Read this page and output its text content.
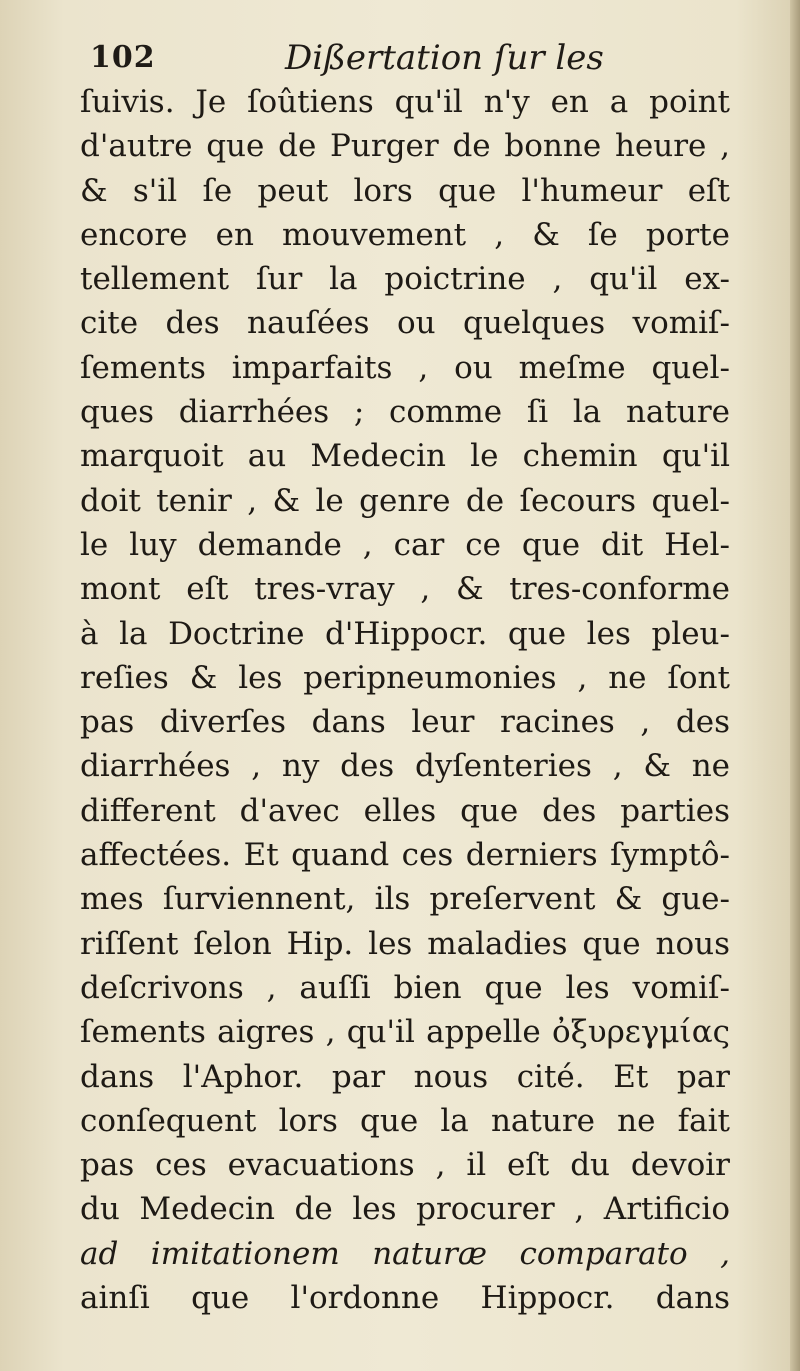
102	Dißertation ſur les
ſuivis. Je ſoûtiens qu'il n'y en a point
d'autre que de Purger de bonne heure ,
& s'il ſe peut lors que l'humeur eſt
encore en mouvement , & ſe porte
tellement ſur la poictrine , qu'il ex-
cite des nauſées ou quelques vomiſ-
ſements imparfaits , ou meſme quel-
ques diarrhées ; comme ſi la nature
marquoit au Medecin le chemin qu'il
doit tenir , & le genre de ſecours quel-
le luy demande , car ce que dit Hel-
mont eſt tres-vray , & tres-conforme
à la Doctrine d'Hippocr. que les pleu-
reſies & les peripneumonies , ne ſont
pas diverſes dans leur racines , des
diarrhées , ny des dyſenteries , & ne
different d'avec elles que des parties
affectées. Et quand ces derniers ſymptô-
mes ſurviennent, ils preſervent & gue-
riſſent ſelon Hip. les maladies que nous
deſcrivons , auſſi bien que les vomiſ-
ſements aigres , qu'il appelle ὀξυρεγμίας
dans l'Aphor. par nous cité. Et par
conſequent lors que la nature ne fait
pas ces evacuations , il eſt du devoir
du Medecin de les procurer , Artificio
ad imitationem naturæ comparato ,
ainſi que l'ordonne Hippocr. dans
